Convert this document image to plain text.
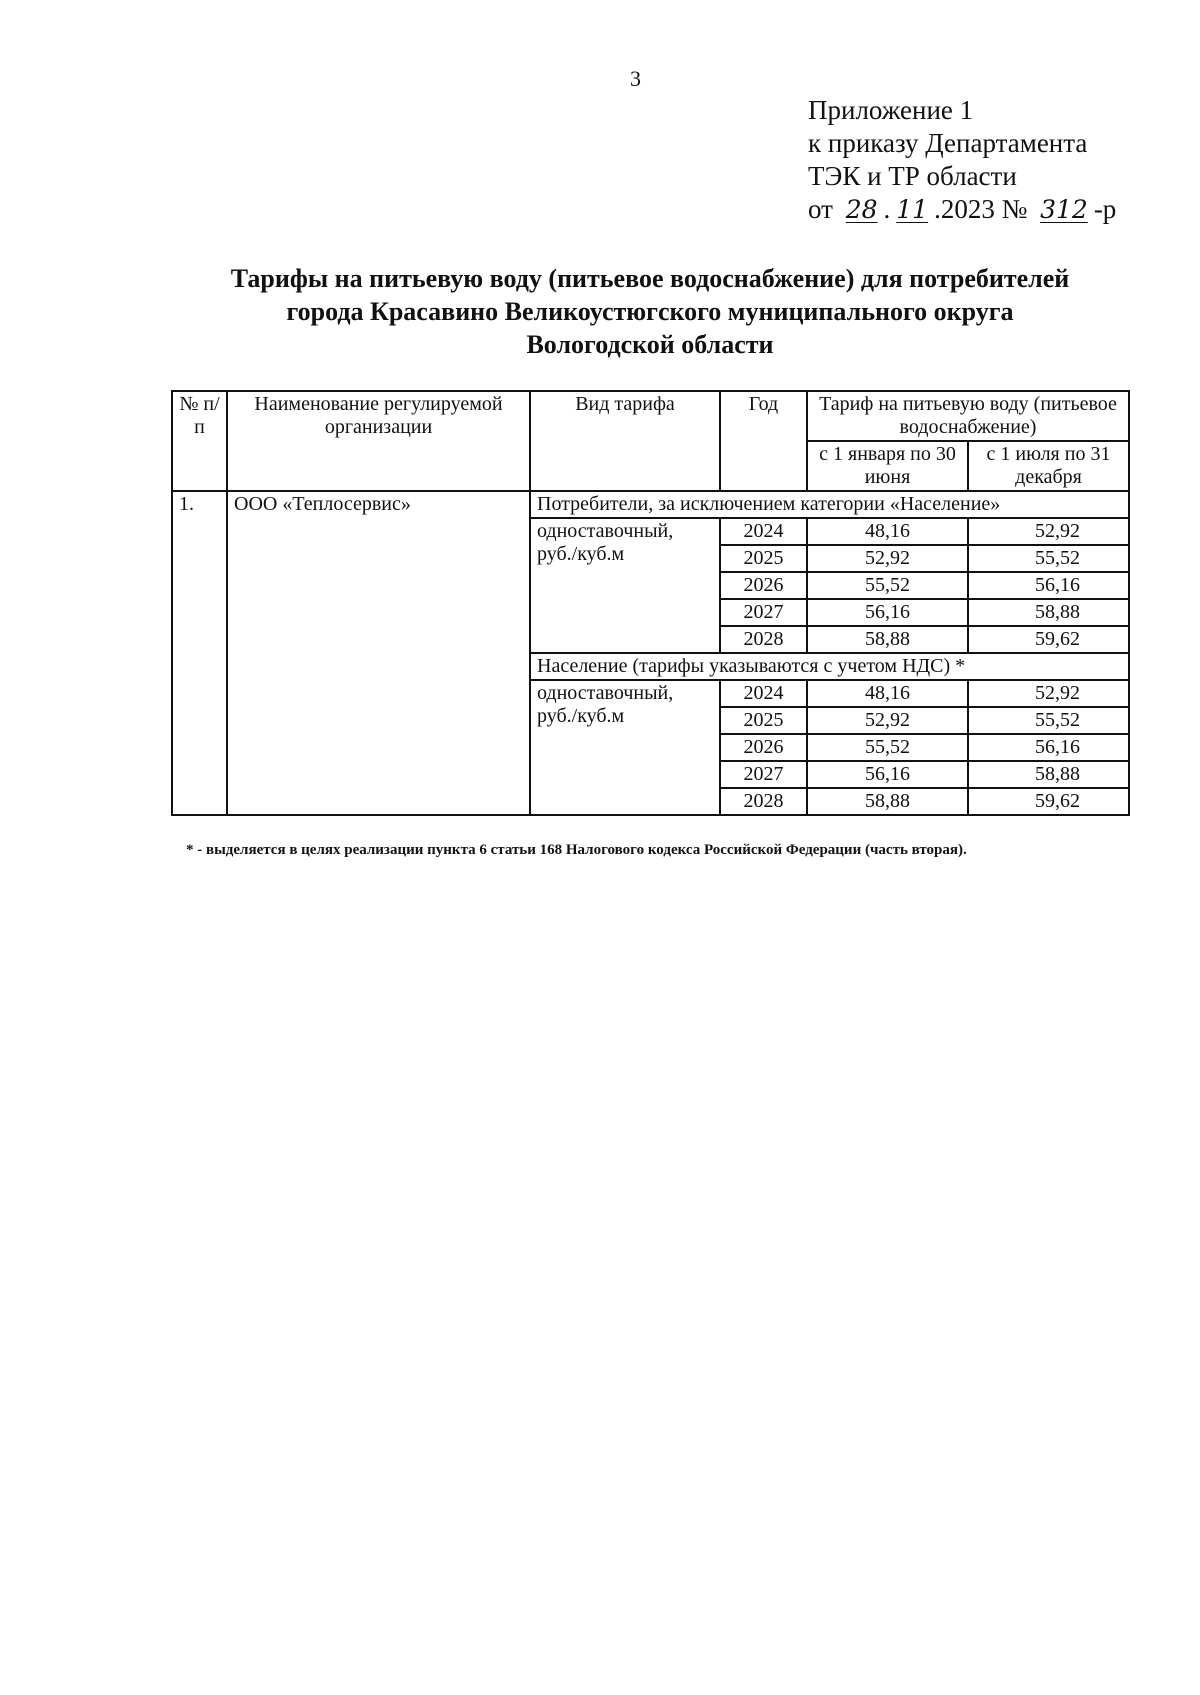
3
Приложение 1
к приказу Департамента
ТЭК и ТР области
от 28 . 11 .2023 № 312 -р
Тарифы на питьевую воду (питьевое водоснабжение) для потребителей
города Красавино Великоустюгского муниципального округа
Вологодской области
№ п/п	Наименование регулируемой организации	Вид тарифа	Год	Тариф на питьевую воду (питьевое водоснабжение)	
				с 1 января по 30 июня	с 1 июля по 31 декабря
1.	ООО «Теплосервис»	Потребители, за исключением категории «Население»			
		одноставочный, руб./куб.м	2024	48,16	52,92
			2025	52,92	55,52
			2026	55,52	56,16
			2027	56,16	58,88
			2028	58,88	59,62
		Население (тарифы указываются с учетом НДС) *			
		одноставочный, руб./куб.м	2024	48,16	52,92
			2025	52,92	55,52
			2026	55,52	56,16
			2027	56,16	58,88
			2028	58,88	59,62
* - выделяется в целях реализации пункта 6 статьи 168 Налогового кодекса Российской Федерации (часть вторая).
